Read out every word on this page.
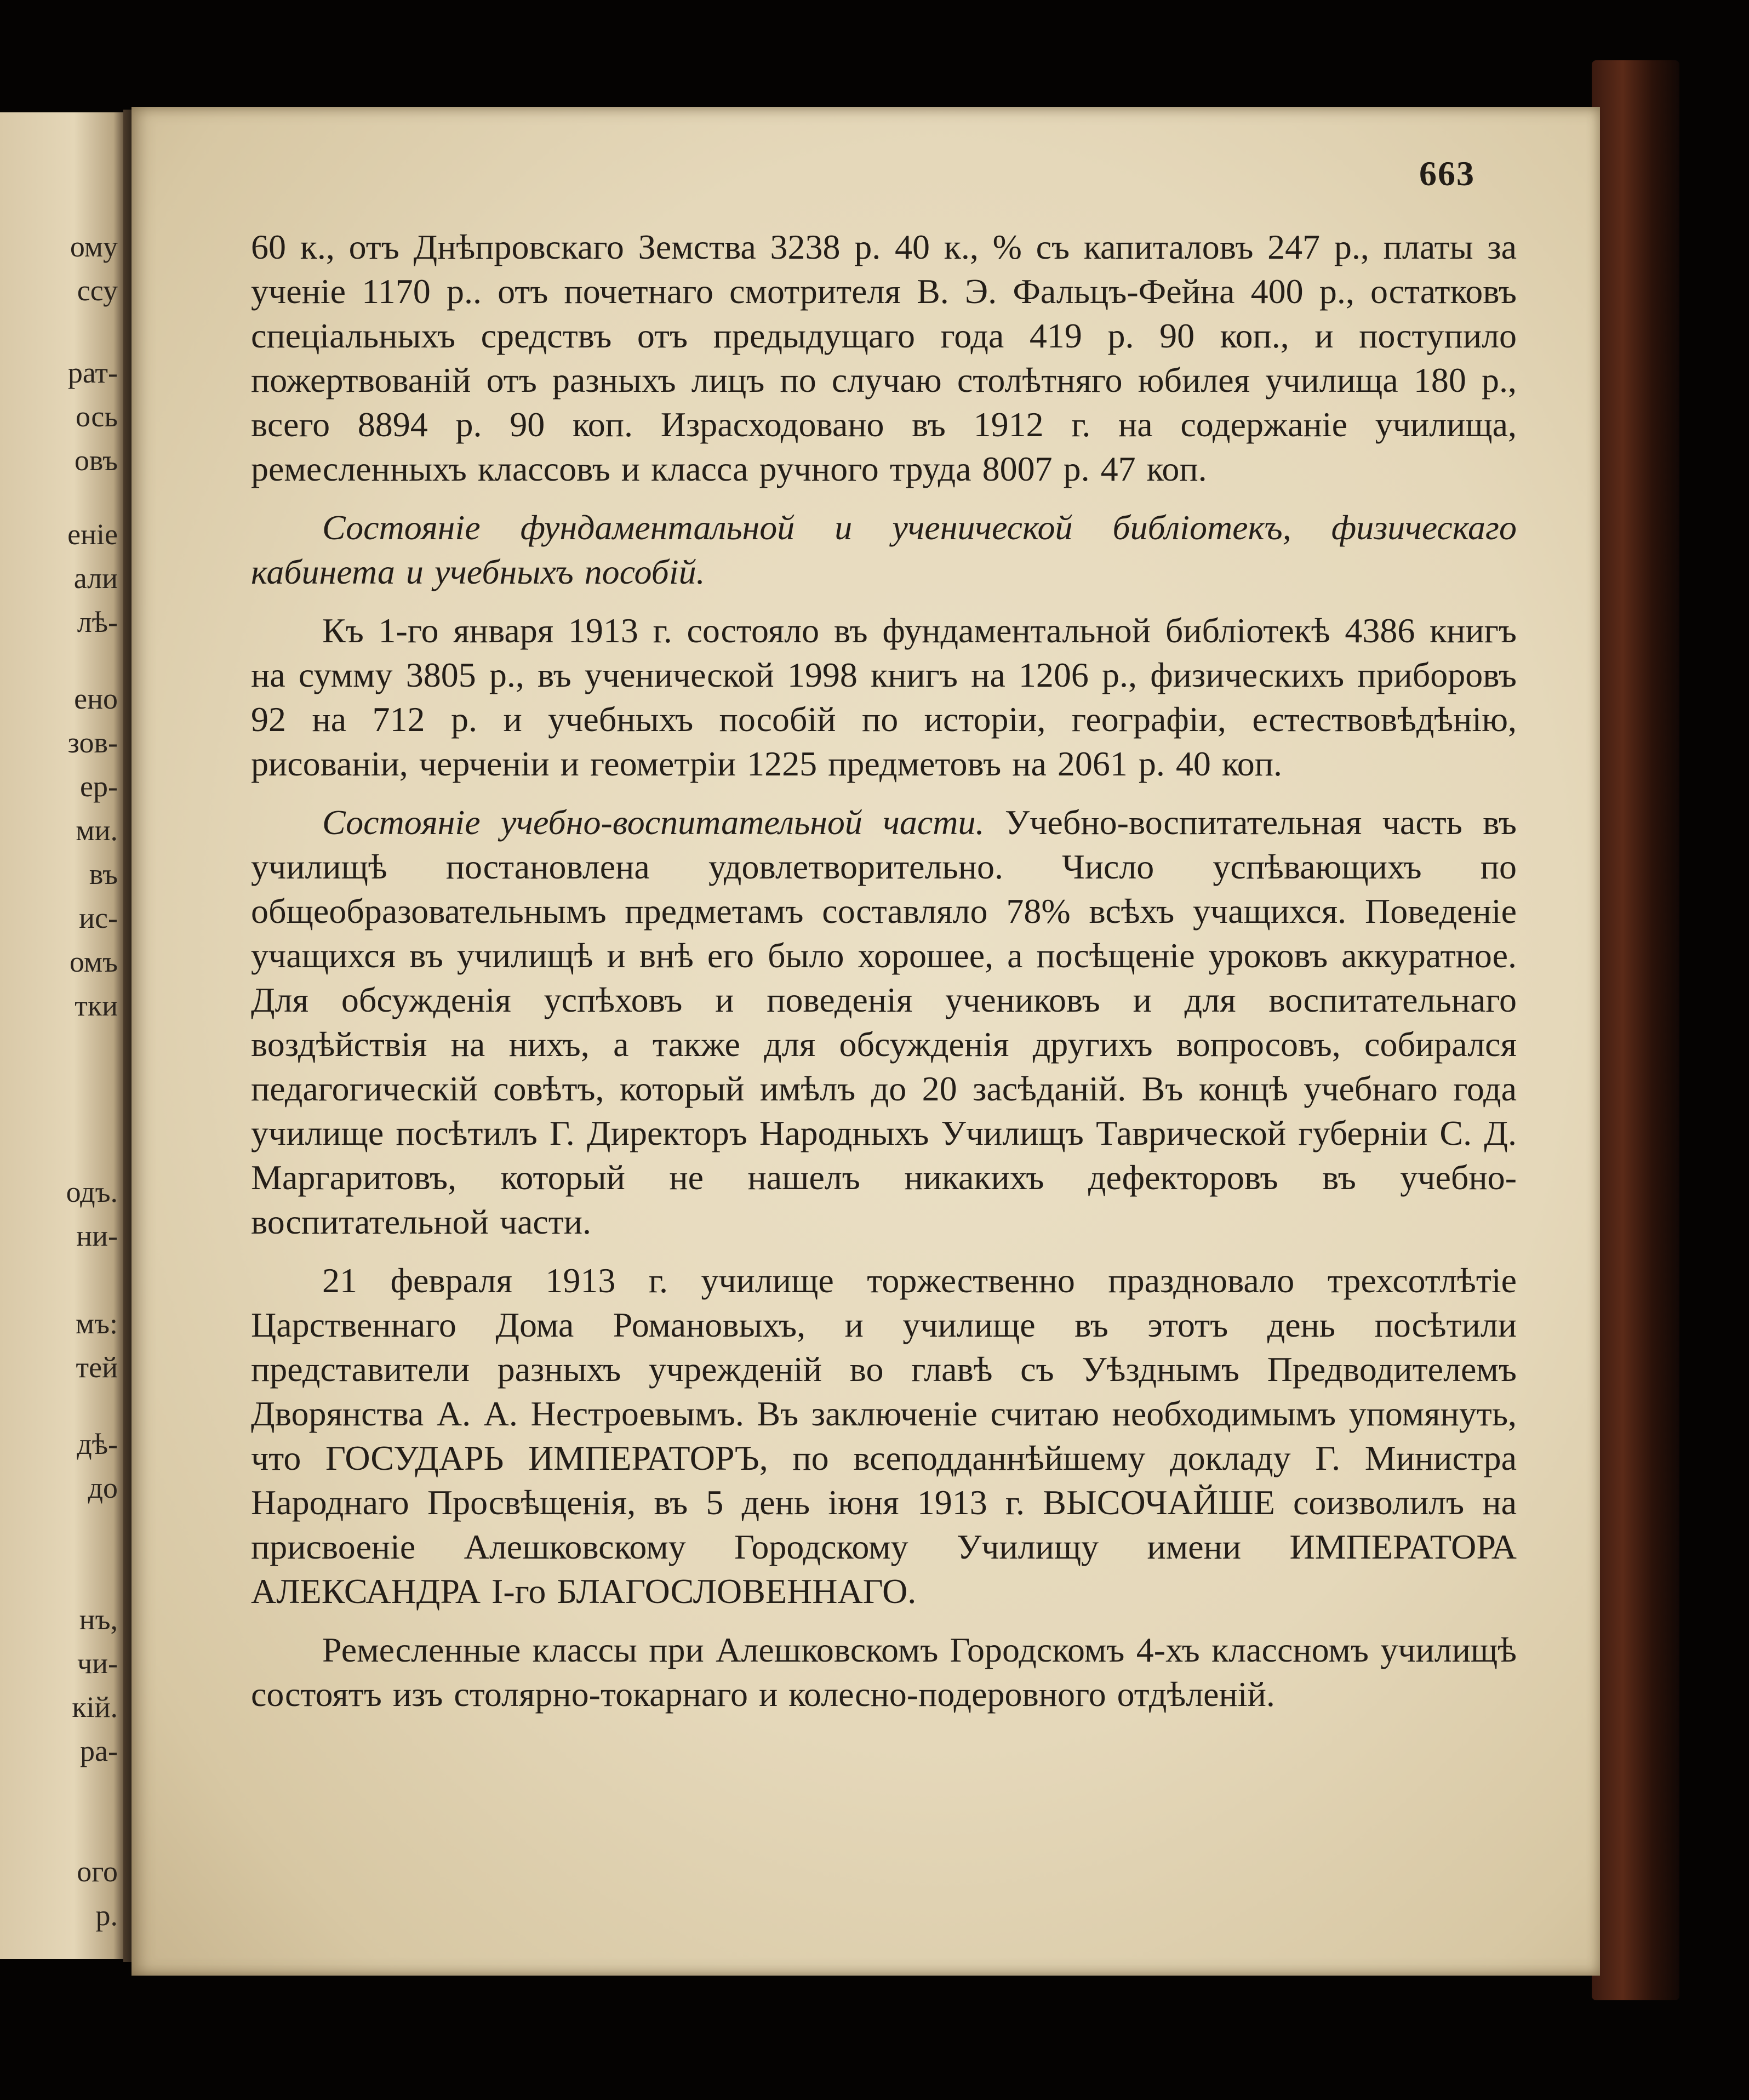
ому
ссу
рат-
ось
овъ
еніе
али
лѣ-
ено
зов-
ер-
ми.
въ
ис-
омъ
тки
одъ.
ни-
мъ:
тей
дѣ-
до
нъ,
чи-
кій.
ра-
ого
р.
663

60 к., отъ Днѣпровскаго Земства 3238 р. 40 к., % съ капиталовъ 247 р., платы за ученіе 1170 р.. отъ почетнаго смотрителя В. Э. Фальцъ-Фейна 400 р., остатковъ спеціальныхъ средствъ отъ предыдущаго года 419 р. 90 коп., и поступило пожертвованій отъ разныхъ лицъ по случаю столѣтняго юбилея училища 180 р., всего 8894 р. 90 коп. Израсходовано въ 1912 г. на содержаніе училища, ремесленныхъ классовъ и класса ручного труда 8007 р. 47 коп.

Состояніе фундаментальной и ученической библіотекъ, физическаго кабинета и учебныхъ пособій.

Къ 1-го января 1913 г. состояло въ фундаментальной библіотекѣ 4386 книгъ на сумму 3805 р., въ ученической 1998 книгъ на 1206 р., физическихъ приборовъ 92 на 712 р. и учебныхъ пособій по исторіи, географіи, естествовѣдѣнію, рисованіи, черченіи и геометріи 1225 предметовъ на 2061 р. 40 коп.

Состояніе учебно-воспитательной части. Учебно-воспитательная часть въ училищѣ постановлена удовлетворительно. Число успѣвающихъ по общеобразовательнымъ предметамъ составляло 78% всѣхъ учащихся. Поведеніе учащихся въ училищѣ и внѣ его было хорошее, а посѣщеніе уроковъ аккуратное. Для обсужденія успѣховъ и поведенія учениковъ и для воспитательнаго воздѣйствія на нихъ, а также для обсужденія другихъ вопросовъ, собирался педагогическій совѣтъ, который имѣлъ до 20 засѣданій. Въ концѣ учебнаго года училище посѣтилъ Г. Директоръ Народныхъ Училищъ Таврической губерніи С. Д. Маргаритовъ, который не нашелъ никакихъ дефекторовъ въ учебно-воспитательной части.

21 февраля 1913 г. училище торжественно праздновало трехсотлѣтіе Царственнаго Дома Романовыхъ, и училище въ этотъ день посѣтили представители разныхъ учрежденій во главѣ съ Уѣзднымъ Предводителемъ Дворянства А. А. Нестроевымъ. Въ заключеніе считаю необходимымъ упомянуть, что ГОСУДАРЬ ИМПЕРАТОРЪ, по всеподданнѣйшему докладу Г. Министра Народнаго Просвѣщенія, въ 5 день іюня 1913 г. ВЫСОЧАЙШЕ соизволилъ на присвоеніе Алешковскому Городскому Училищу имени ИМПЕРАТОРА АЛЕКСАНДРА I-го БЛАГОСЛОВЕННАГО.

Ремесленные классы при Алешковскомъ Городскомъ 4-хъ классномъ училищѣ состоятъ изъ столярно-токарнаго и колесно-подеровного отдѣленій.
